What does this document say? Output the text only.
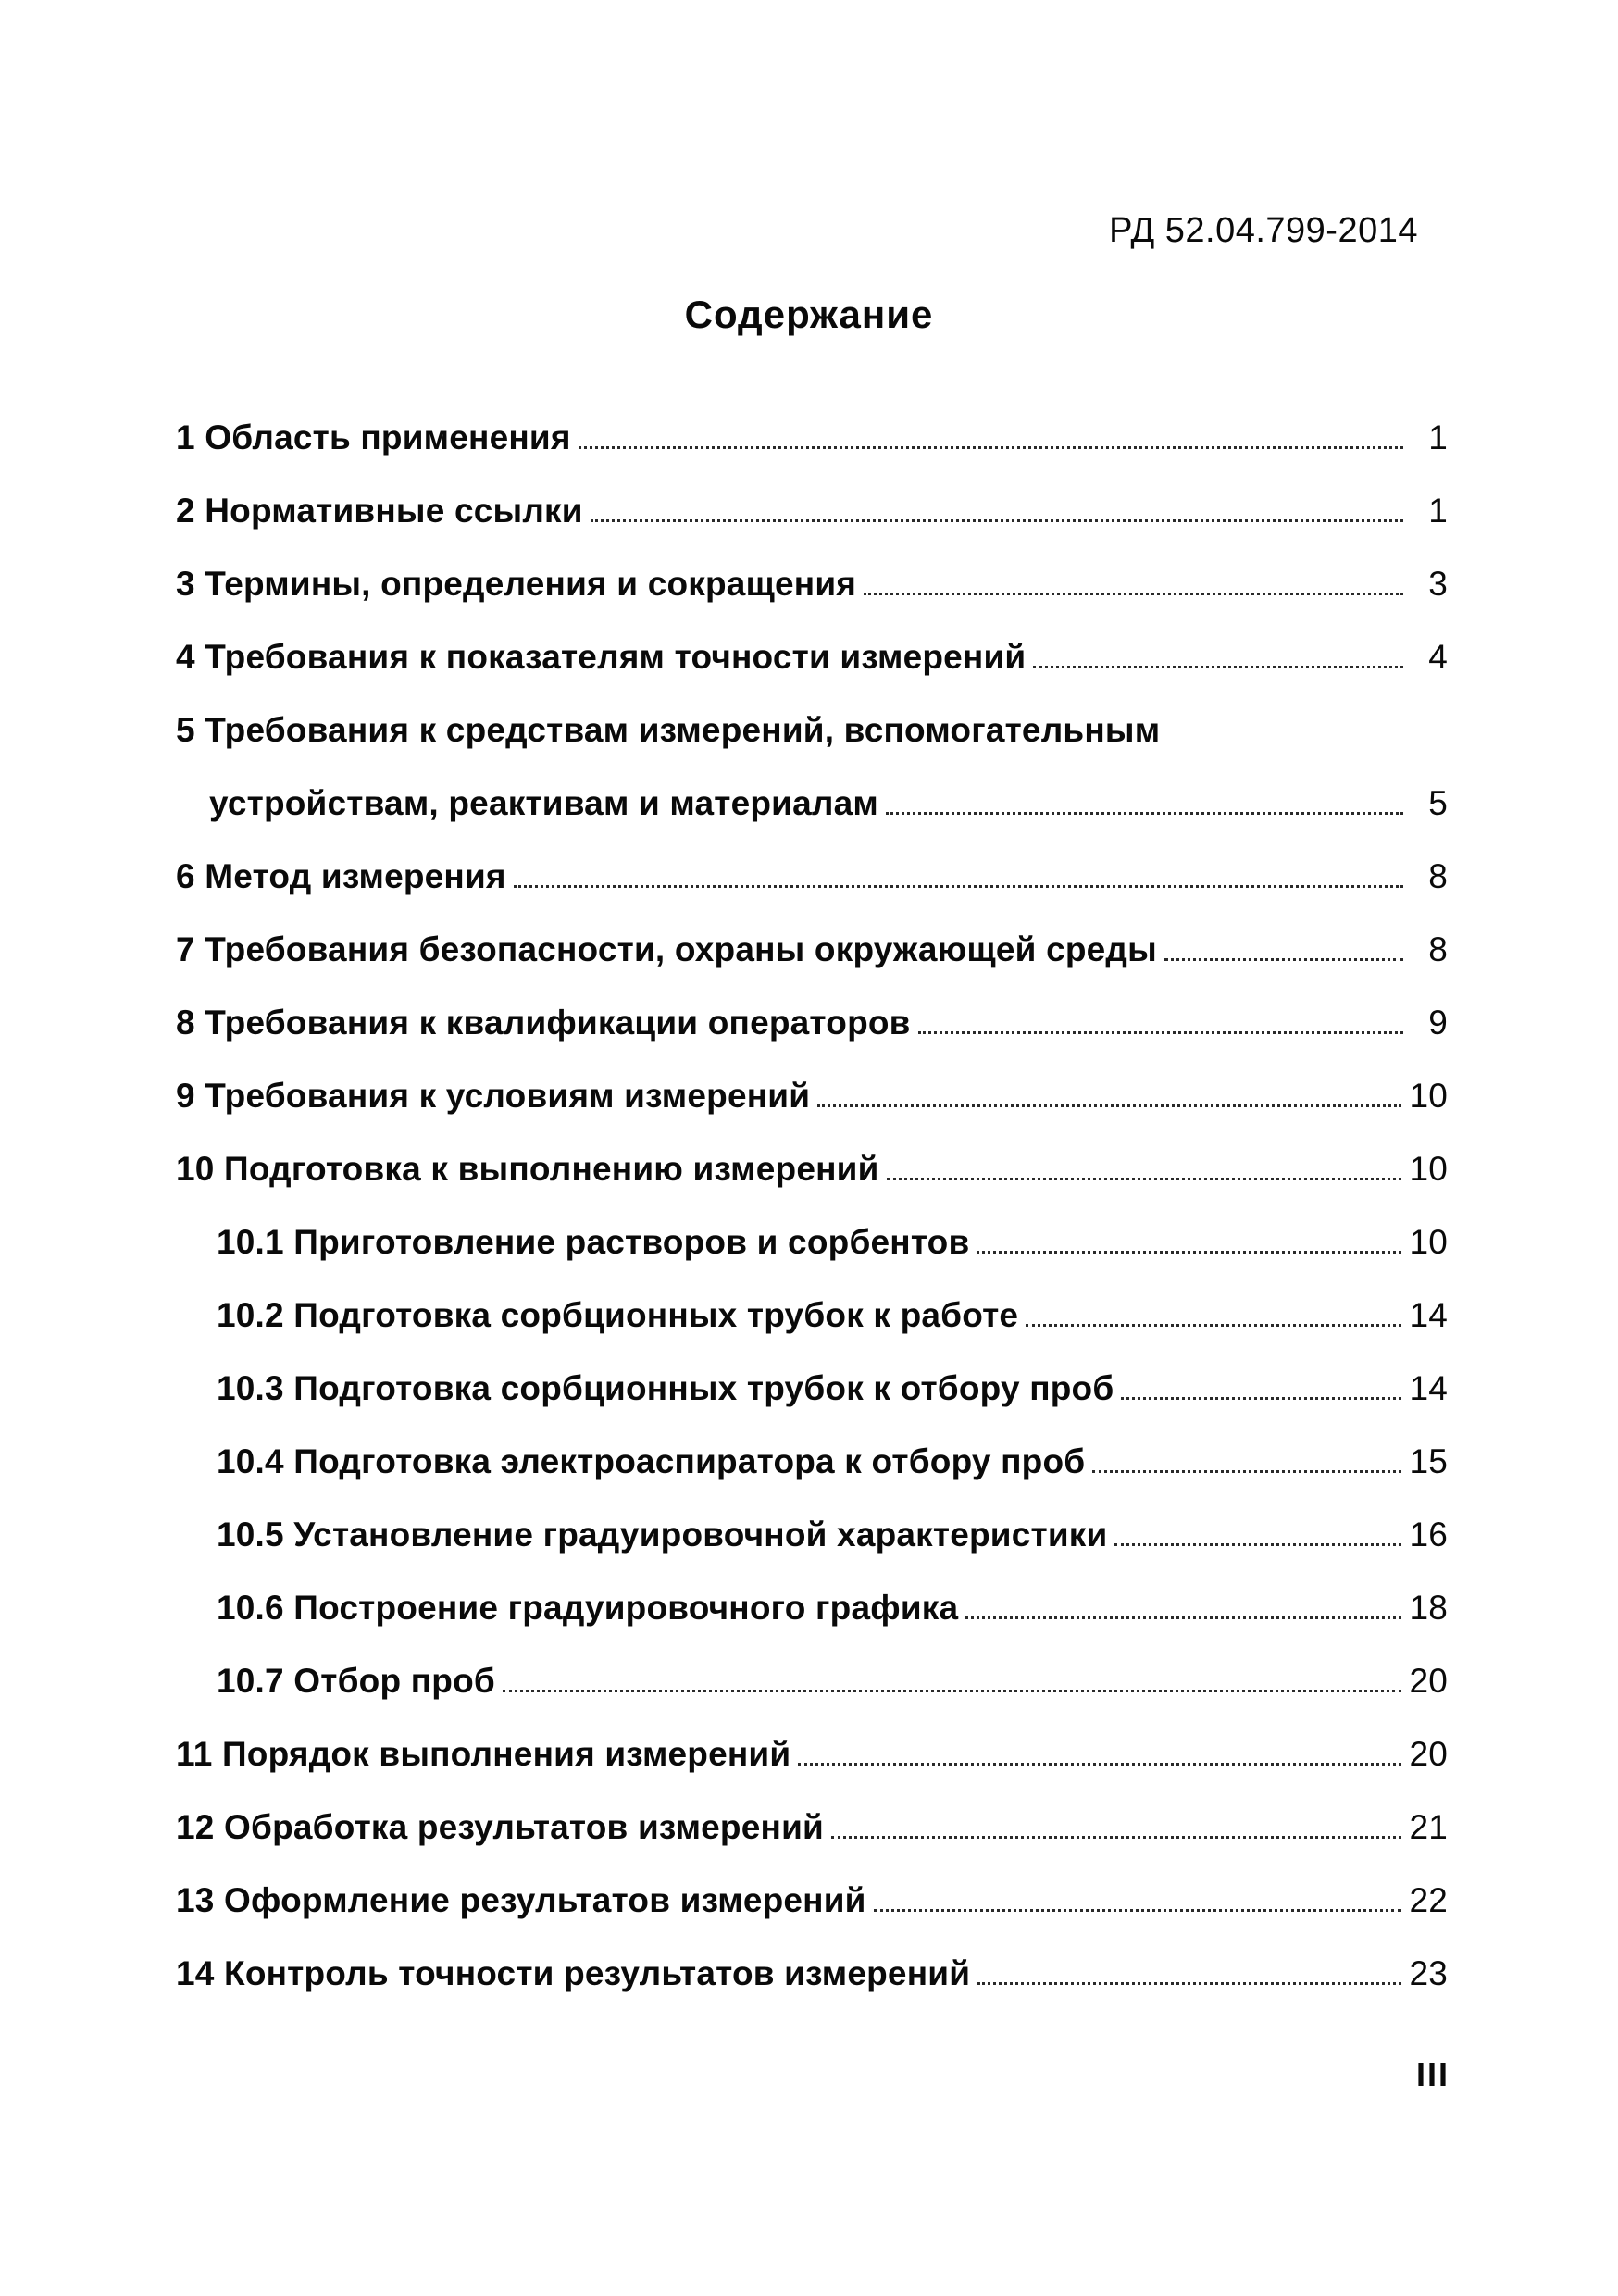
РД 52.04.799-2014
Содержание
1 Область применения	1
2 Нормативные ссылки	1
3 Термины, определения и сокращения	3
4 Требования к показателям точности измерений	4
5 Требования к средствам измерений, вспомогательным
устройствам, реактивам и материалам	5
6 Метод измерения	8
7 Требования безопасности, охраны окружающей среды	8
8 Требования к квалификации операторов	9
9 Требования к условиям измерений	10
10 Подготовка к выполнению измерений	10
10.1 Приготовление растворов и сорбентов	10
10.2 Подготовка сорбционных трубок к работе	14
10.3 Подготовка сорбционных трубок к отбору проб	14
10.4 Подготовка электроаспиратора к отбору проб	15
10.5 Установление градуировочной характеристики	16
10.6 Построение градуировочного графика	18
10.7 Отбор проб	20
11 Порядок выполнения измерений	20
12 Обработка результатов измерений	21
13 Оформление результатов измерений	22
14 Контроль точности результатов измерений	23
III
